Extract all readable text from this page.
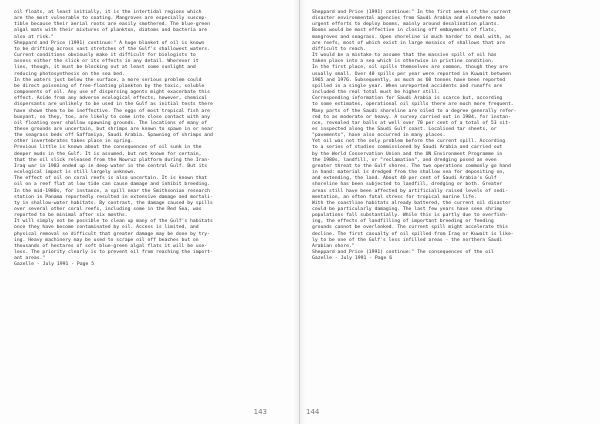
oil floats, at least initially, it is the intertidal regions which
are the most vulnerable to coating. Mangroves are especially suscep-
tible because their aerial roots are easily smothered. The blue-green
algal mats with their mixtures of plankton, diatoms and bacteria are
also at risk."
Sheppard and Price (1991) continue:" A huge blanket of oil is known
to be drifting across vast stretches of the Gulf's shallowest waters.
Current conditions obviously make it difficult for biologists to
assess either the slick or its effects in any detail. Wherever it
lies, though, it must be blocking out at least some sunlight and
reducing photosynthesis on the sea bed.
In the waters just below the surface, a more serious problem could
be direct poisoning of free-floating plankton by the toxic, soluble
components of oil. Any use of dispersing agents might exacerbate this
effect. Aside from any adverse ecological effects, however, chemical
dispersants are unlikely to be used in the Gulf as initial tests there
have shown them to be ineffective. The eggs of most tropical fish are
buoyant, so they, too, are likely to come into close contact with any
oil floating over shallow spawning grounds. The locations of many of
these grounds are uncertain, but shrimps are known to spawn in or near
the seagrass beds off Saffaniya, Saudi Arabia. Spawning of shrimps and
other invertebrates takes place in spring.
Previous little is known about the consequences of oil sunk in the
deeper muds in the Gulf. It is assumed, but not known for certain,
that the oil slick released from the Nowruz platform during the Iran-
Iraq war in 1983 ended up in deep water in the central Gulf. But its
ecological impact is still largely unknown.
The effect of oil on coral reefs is also uncertain. It is known that
oil on a reef flat at low tide can cause damage and inhibit breeding.
In the mid-1980s, for instance, a spill near the Smithsonian research
station in Panama reportedly resulted in extensive damage and mortali-
ty in shallow-water habitats. By contrast, the damage caused by spills
over several other coral reefs, including some in the Red Sea, was
reported to be minimal after six months.
It will simply not be possible to clean up many of the Gulf's habitats
once they have become contaminated by oil. Access is limited, and
physical removal so difficult that greater damage may be done by try-
ing. Heavy machinery may be used to scrape oil off beaches but on
thousands of hectares of soft blue-green algal flats it will be use-
less. The priority clearly is to prevent oil from reaching the import-
ant areas."
Gazelle - July 1991 - Page 5
143
Sheppard and Price (1991) continue:" In the first weeks of the current
disaster environmental agencies from Saudi Arabia and elsewhere made
urgent efforts to deploy booms, mainly around desalination plants.
Booms would be most effective in closing off embayments of flats,
mangroves and seagrass. Open shoreline is much harder to deal with, as
are reefs, most of which exist in large mosaics of shallows that are
difficult to reach.
It would be a mistake to assume that the massive spill of oil has
taken place into a sea which is otherwise in pristine condition.
In the first place, oil spills themselves are common, though they are
usually small. Over 40 spills per year were reported in Kuwait between
1965 and 1976. Subsequently, as much as 60 tonnes have been reported
spilled in a single year. When unreported accidents and runoffs are
included the real total must be higher still.
Corresponding information for Saudi Arabia is scarce but, according
to some estimates, operational oil spills there are much more frequent.
Many parts of the Saudi shoreline are oiled to a degree generally refer-
red to as moderate or heavy. A survey carried out in 1984, for instan-
nce, revealed tar balls at well over 70 per cent of a total of 53 sit-
es inspected along the Saudi Gulf coast. Localised tar sheets, or
"pavements", have also occurred in many places.
Yet oil was not the only problem before the current spill. According
to a series of studies commissioned by Saudi Arabia and carried out
by the World Conservation Union and the UN Environment Programme in
the 1980s, landfill, or "reclamation", and dredging posed an even
greater threat to the Gulf shores. The two operations commonly go hand
in hand: material is dredged from the shallow sea for depositing on,
and extending, the land. About 40 per cent of Saudi Arabia's Gulf
shoreline has been subjected to landfill, dredging or both. Greater
areas still have been affected by artificially raised levels of sedi-
mentation, an often fatal stress for tropical marine life.
With the coastline habitats already battered, the current oil disaster
could be particularly damaging. The last few years have seen shrimp
populations fall substantially. While this is partly due to overfish-
ing, the effects of landfilling of important breeding or feeding
grounds cannot be overlooked. The current spill might accelerate this
decline. The first casualty of oil spilled from Iraq or Kuwait is like-
ly to be one of the Gulf's less infilled areas - the northern Saudi
Arabian shore."
Sheppard and Price (1991) continue:" The consequences of the oil
Gazelle - July 1991 - Page 6
144
